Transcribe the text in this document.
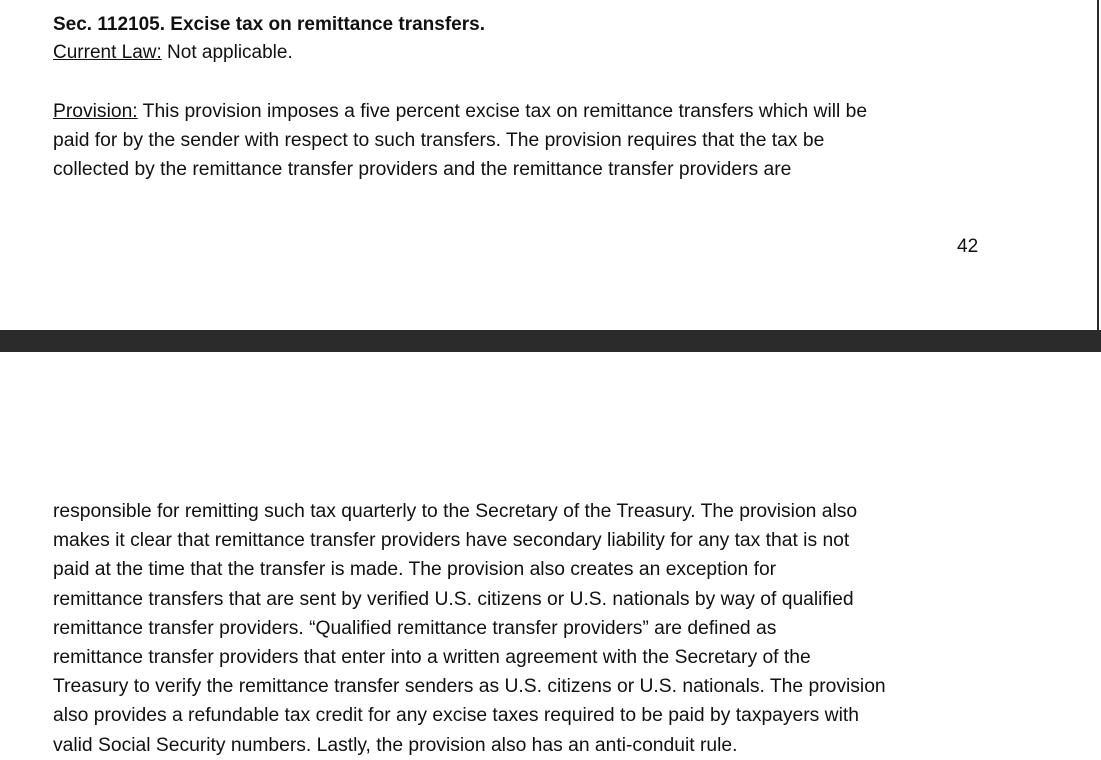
Sec. 112105. Excise tax on remittance transfers.
Current Law: Not applicable.
Provision: This provision imposes a five percent excise tax on remittance transfers which will be
paid for by the sender with respect to such transfers. The provision requires that the tax be
collected by the remittance transfer providers and the remittance transfer providers are
42
responsible for remitting such tax quarterly to the Secretary of the Treasury. The provision also
makes it clear that remittance transfer providers have secondary liability for any tax that is not
paid at the time that the transfer is made. The provision also creates an exception for
remittance transfers that are sent by verified U.S. citizens or U.S. nationals by way of qualified
remittance transfer providers. “Qualified remittance transfer providers” are defined as
remittance transfer providers that enter into a written agreement with the Secretary of the
Treasury to verify the remittance transfer senders as U.S. citizens or U.S. nationals. The provision
also provides a refundable tax credit for any excise taxes required to be paid by taxpayers with
valid Social Security numbers. Lastly, the provision also has an anti-conduit rule.
